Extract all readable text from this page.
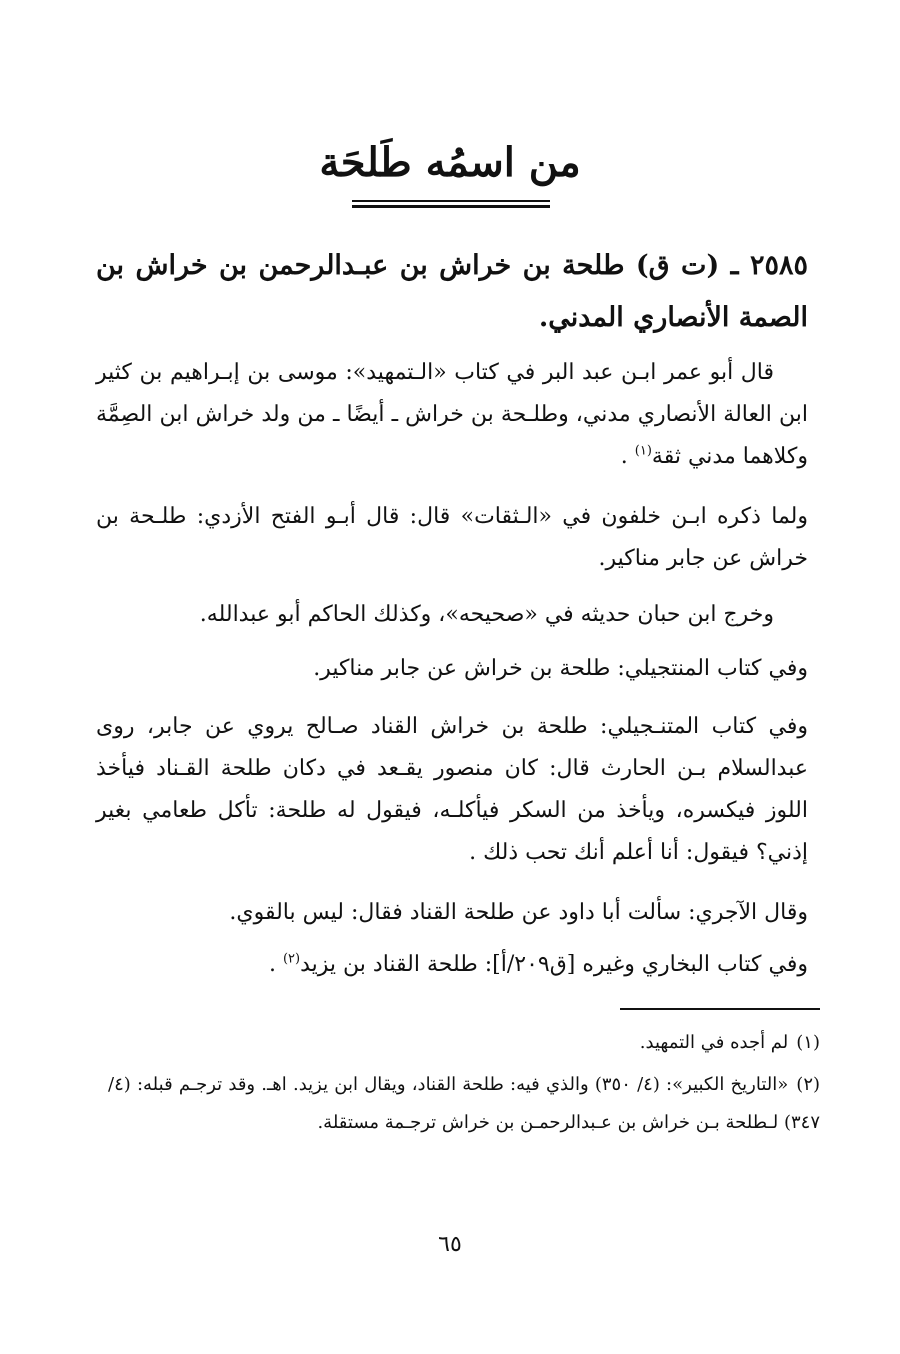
من اسمُه طَلحَة

٢٥٨٥ ـ (ت ق) طلحة بن خراش بن عبـدالرحمن بن خراش بن الصمة الأنصاري المدني.

قال أبو عمر ابـن عبد البر في كتاب «الـتمهيد»: موسى بن إبـراهيم بن كثير ابن العالة الأنصاري مدني، وطلـحة بن خراش ـ أيضًا ـ من ولد خراش ابن الصِمَّة وكلاهما مدني ثقة$^{(١)}$ .

ولما ذكره ابـن خلفون في «الـثقات» قال: قال أبـو الفتح الأزدي: طلـحة بن خراش عن جابر مناكير.

وخرج ابن حبان حديثه في «صحيحه»، وكذلك الحاكم أبو عبدالله.

وفي كتاب المنتجيلي: طلحة بن خراش عن جابر مناكير.

وفي كتاب المتنـجيلي: طلحة بن خراش القناد صـالح يروي عن جابر، روى عبدالسلام بـن الحارث قال: كان منصور يقـعد في دكان طلحة القـناد فيأخذ اللوز فيكسره، ويأخذ من السكر فيأكلـه، فيقول له طلحة: تأكل طعامي بغير إذني؟ فيقول: أنا أعلم أنك تحب ذلك .

وقال الآجري: سألت أبا داود عن طلحة القناد فقال: ليس بالقوي.

وفي كتاب البخاري وغيره [ق٢٠٩/أ]: طلحة القناد بن يزيد$^{(٢)}$ .

(١)لم أجده في التمهيد.

(٢)«التاريخ الكبير»: (٤/ ٣٥٠) والذي فيه: طلحة القناد، ويقال ابن يزيد. اهـ. وقد ترجـم قبله: (٤/ ٣٤٧) لـطلحة بـن خراش بن عـبدالرحمـن بن خراش ترجـمة مستقلة.

٦٥
